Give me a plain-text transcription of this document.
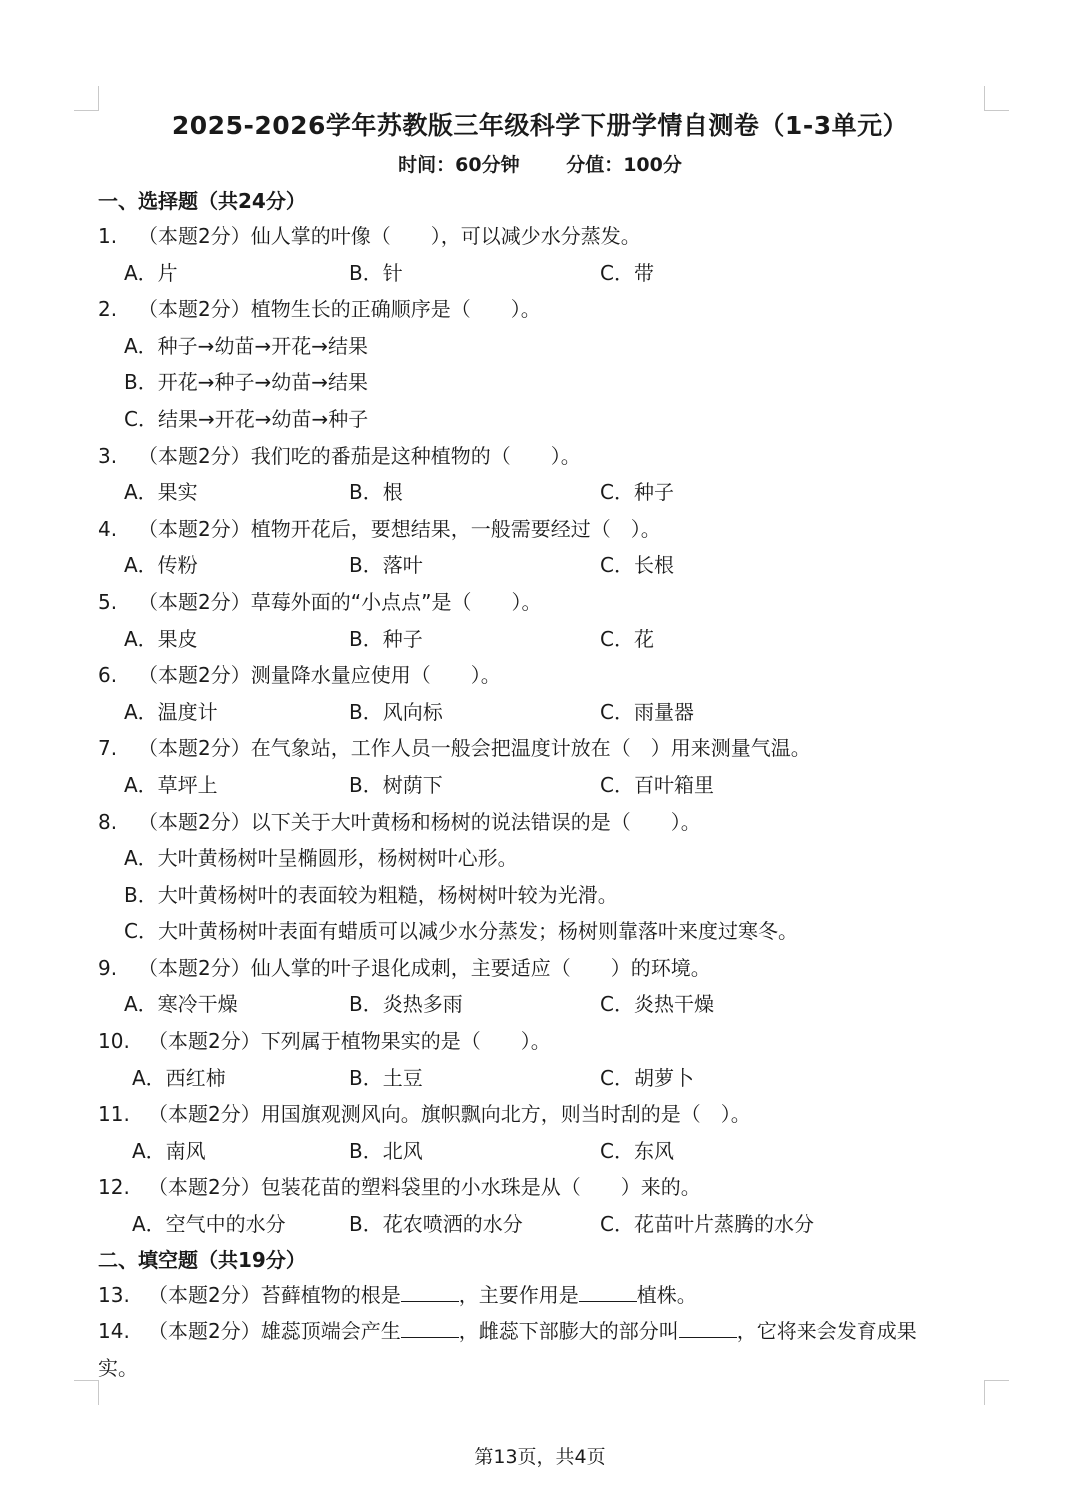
2025-2026学年苏教版三年级科学下册学情自测卷（1-3单元）
时间：60分钟 分值：100分
一、选择题（共24分）
1. （本题2分）仙人掌的叶像（　　），可以减少水分蒸发。
A．片	B．针	C．带
2. （本题2分）植物生长的正确顺序是（　　）。
A．种子→幼苗→开花→结果
B．开花→种子→幼苗→结果
C．结果→开花→幼苗→种子
3. （本题2分）我们吃的番茄是这种植物的（　　）。
A．果实	B．根	C．种子
4. （本题2分）植物开花后，要想结果，一般需要经过（　）。
A．传粉	B．落叶	C．长根
5. （本题2分）草莓外面的“小点点”是（　　）。
A．果皮	B．种子	C．花
6. （本题2分）测量降水量应使用（　　）。
A．温度计	B．风向标	C．雨量器
7. （本题2分）在气象站，工作人员一般会把温度计放在（　）用来测量气温。
A．草坪上	B．树荫下	C．百叶箱里
8. （本题2分）以下关于大叶黄杨和杨树的说法错误的是（　　）。
A．大叶黄杨树叶呈椭圆形，杨树树叶心形。
B．大叶黄杨树叶的表面较为粗糙，杨树树叶较为光滑。
C．大叶黄杨树叶表面有蜡质可以减少水分蒸发；杨树则靠落叶来度过寒冬。
9. （本题2分）仙人掌的叶子退化成刺，主要适应（　　）的环境。
A．寒冷干燥	B．炎热多雨	C．炎热干燥
10. （本题2分）下列属于植物果实的是（　　）。
A．西红柿	B．土豆	C．胡萝卜
11. （本题2分）用国旗观测风向。旗帜飘向北方，则当时刮的是（　）。
A．南风	B．北风	C．东风
12. （本题2分）包装花苗的塑料袋里的小水珠是从（　　）来的。
A．空气中的水分	B．花农喷洒的水分	C．花苗叶片蒸腾的水分
二、填空题（共19分）
13. （本题2分）苔藓植物的根是	，主要作用是	植株。
14. （本题2分）雄蕊顶端会产生	，雌蕊下部膨大的部分叫	，它将来会发育成果
实。
第13页，共4页
